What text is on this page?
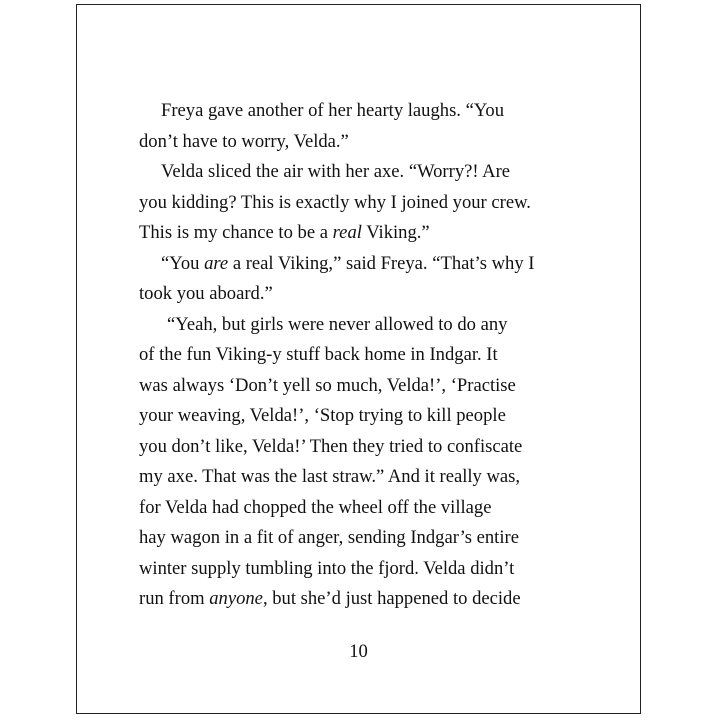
Freya gave another of her hearty laughs. “You
don’t have to worry, Velda.”
Velda sliced the air with her axe. “Worry?! Are
you kidding? This is exactly why I joined your crew.
This is my chance to be a real Viking.”
“You are a real Viking,” said Freya. “That’s why I
took you aboard.”
“Yeah, but girls were never allowed to do any
of the fun Viking-y stuff back home in Indgar. It
was always ‘Don’t yell so much, Velda!’, ‘Practise
your weaving, Velda!’, ‘Stop trying to kill people
you don’t like, Velda!’ Then they tried to confiscate
my axe. That was the last straw.” And it really was,
for Velda had chopped the wheel off the village
hay wagon in a fit of anger, sending Indgar’s entire
winter supply tumbling into the fjord. Velda didn’t
run from anyone, but she’d just happened to decide
10
